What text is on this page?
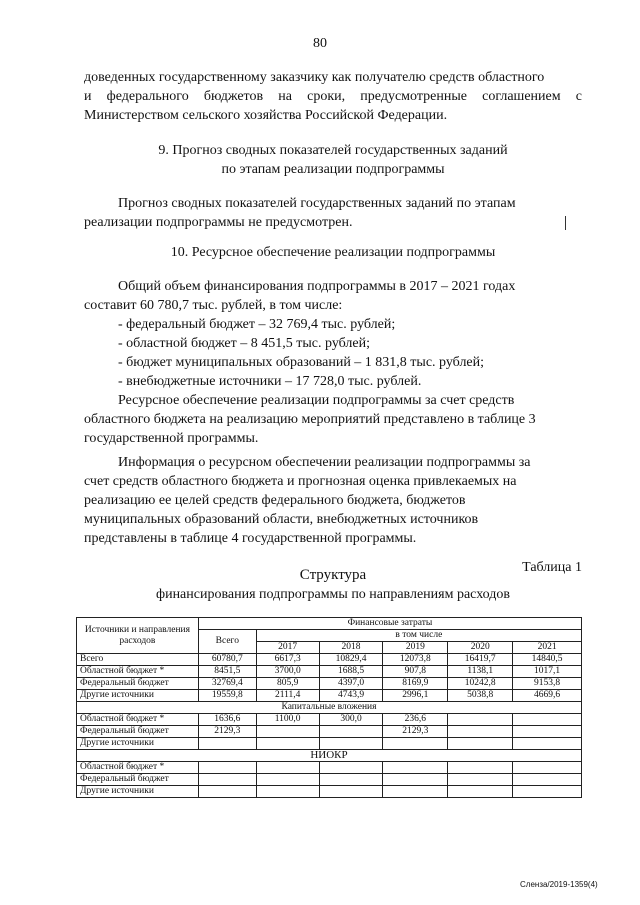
80
доведенных государственному заказчику как получателю средств областного
и федерального бюджетов на сроки, предусмотренные соглашением с
Министерством сельского хозяйства Российской Федерации.
9. Прогноз сводных показателей государственных заданий
по этапам реализации подпрограммы
Прогноз сводных показателей государственных заданий по этапам
реализации подпрограммы не предусмотрен.
10. Ресурсное обеспечение реализации подпрограммы
Общий объем финансирования подпрограммы в 2017 – 2021 годах
составит 60 780,7 тыс. рублей, в том числе:
- федеральный бюджет – 32 769,4 тыс. рублей;
- областной бюджет – 8 451,5 тыс. рублей;
- бюджет муниципальных образований – 1 831,8 тыс. рублей;
- внебюджетные источники – 17 728,0 тыс. рублей.
Ресурсное обеспечение реализации подпрограммы за счет средств
областного бюджета на реализацию мероприятий представлено в таблице 3
государственной программы.
Информация о ресурсном обеспечении реализации подпрограммы за
счет средств областного бюджета и прогнозная оценка привлекаемых на
реализацию ее целей средств федерального бюджета, бюджетов
муниципальных образований области, внебюджетных источников
представлены в таблице 4 государственной программы.
Таблица 1
Структура
финансирования подпрограммы по направлениям расходов
Источники и направления расходов	Финансовые затраты					
	Всего	в том числе				
		2017	2018	2019	2020	2021
Всего	60780,7	6617,3	10829,4	12073,8	16419,7	14840,5
Областной бюджет *	8451,5	3700,0	1688,5	907,8	1138,1	1017,1
Федеральный бюджет	32769,4	805,9	4397,0	8169,9	10242,8	9153,8
Другие источники	19559,8	2111,4	4743,9	2996,1	5038,8	4669,6
Капитальные вложения						
Областной бюджет *	1636,6	1100,0	300,0	236,6		
Федеральный бюджет	2129,3			2129,3		
Другие источники						
НИОКР						
Областной бюджет *						
Федеральный бюджет						
Другие источники						
Сленза/2019-1359(4)
